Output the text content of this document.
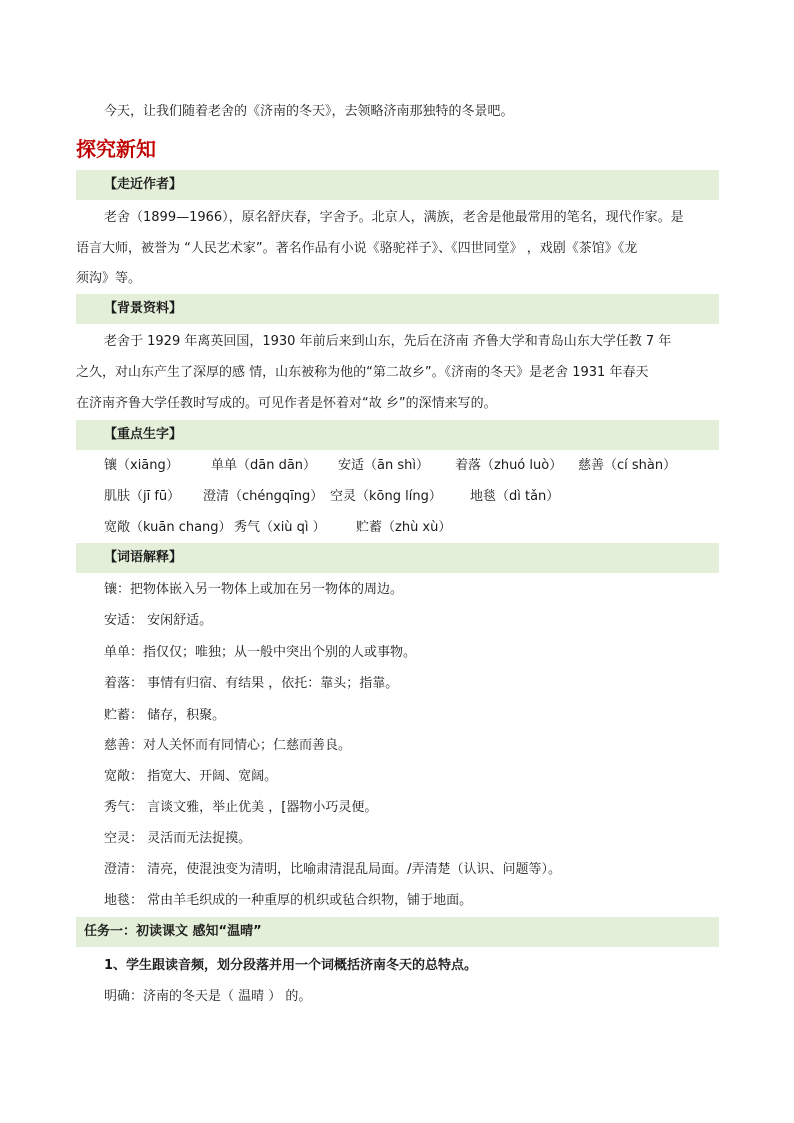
今天，让我们随着老舍的《济南的冬天》，去领略济南那独特的冬景吧。
探究新知
【走近作者】
老舍（1899—1966），原名舒庆春，字舍予。北京人，满族，老舍是他最常用的笔名，现代作家。是
语言大师，被誉为 “人民艺术家”。著名作品有小说《骆驼祥子》、《四世同堂》 ，戏剧《茶馆》《龙
须沟》等。
【背景资料】
老舍于 1929 年离英回国，1930 年前后来到山东，先后在济南 齐鲁大学和青岛山东大学任教 7 年
之久，对山东产生了深厚的感 情，山东被称为他的“第二故乡”。《济南的冬天》是老舍 1931 年春天
在济南齐鲁大学任教时写成的。可见作者是怀着对“故 乡”的深情来写的。
【重点生字】
镶（xiāng） 单单（dān dān） 安适（ān shì） 着落（zhuó luò） 慈善（cí shàn）
肌肤（jī fū） 澄清（chéngqīng） 空灵（kōng líng） 地毯（dì tǎn）
宽敞（kuān chang） 秀气（xiù qì ） 贮蓄（zhù xù）
【词语解释】
镶：把物体嵌入另一物体上或加在另一物体的周边。
安适： 安闲舒适。
单单：指仅仅；唯独；从一般中突出个别的人或事物。
着落： 事情有归宿、有结果 ，依托：靠头；指靠。
贮蓄： 储存，积聚。
慈善：对人关怀而有同情心；仁慈而善良。
宽敞： 指宽大、开阔、宽阔。
秀气： 言谈文雅，举止优美 ，[器物小巧灵便。
空灵： 灵活而无法捉摸。
澄清： 清亮，使混浊变为清明，比喻肃清混乱局面。/弄清楚（认识、问题等）。
地毯： 常由羊毛织成的一种重厚的机织或毡合织物，铺于地面。
任务一：初读课文 感知“温晴”
1、学生跟读音频，划分段落并用一个词概括济南冬天的总特点。
明确：济南的冬天是（ 温晴 ） 的。
